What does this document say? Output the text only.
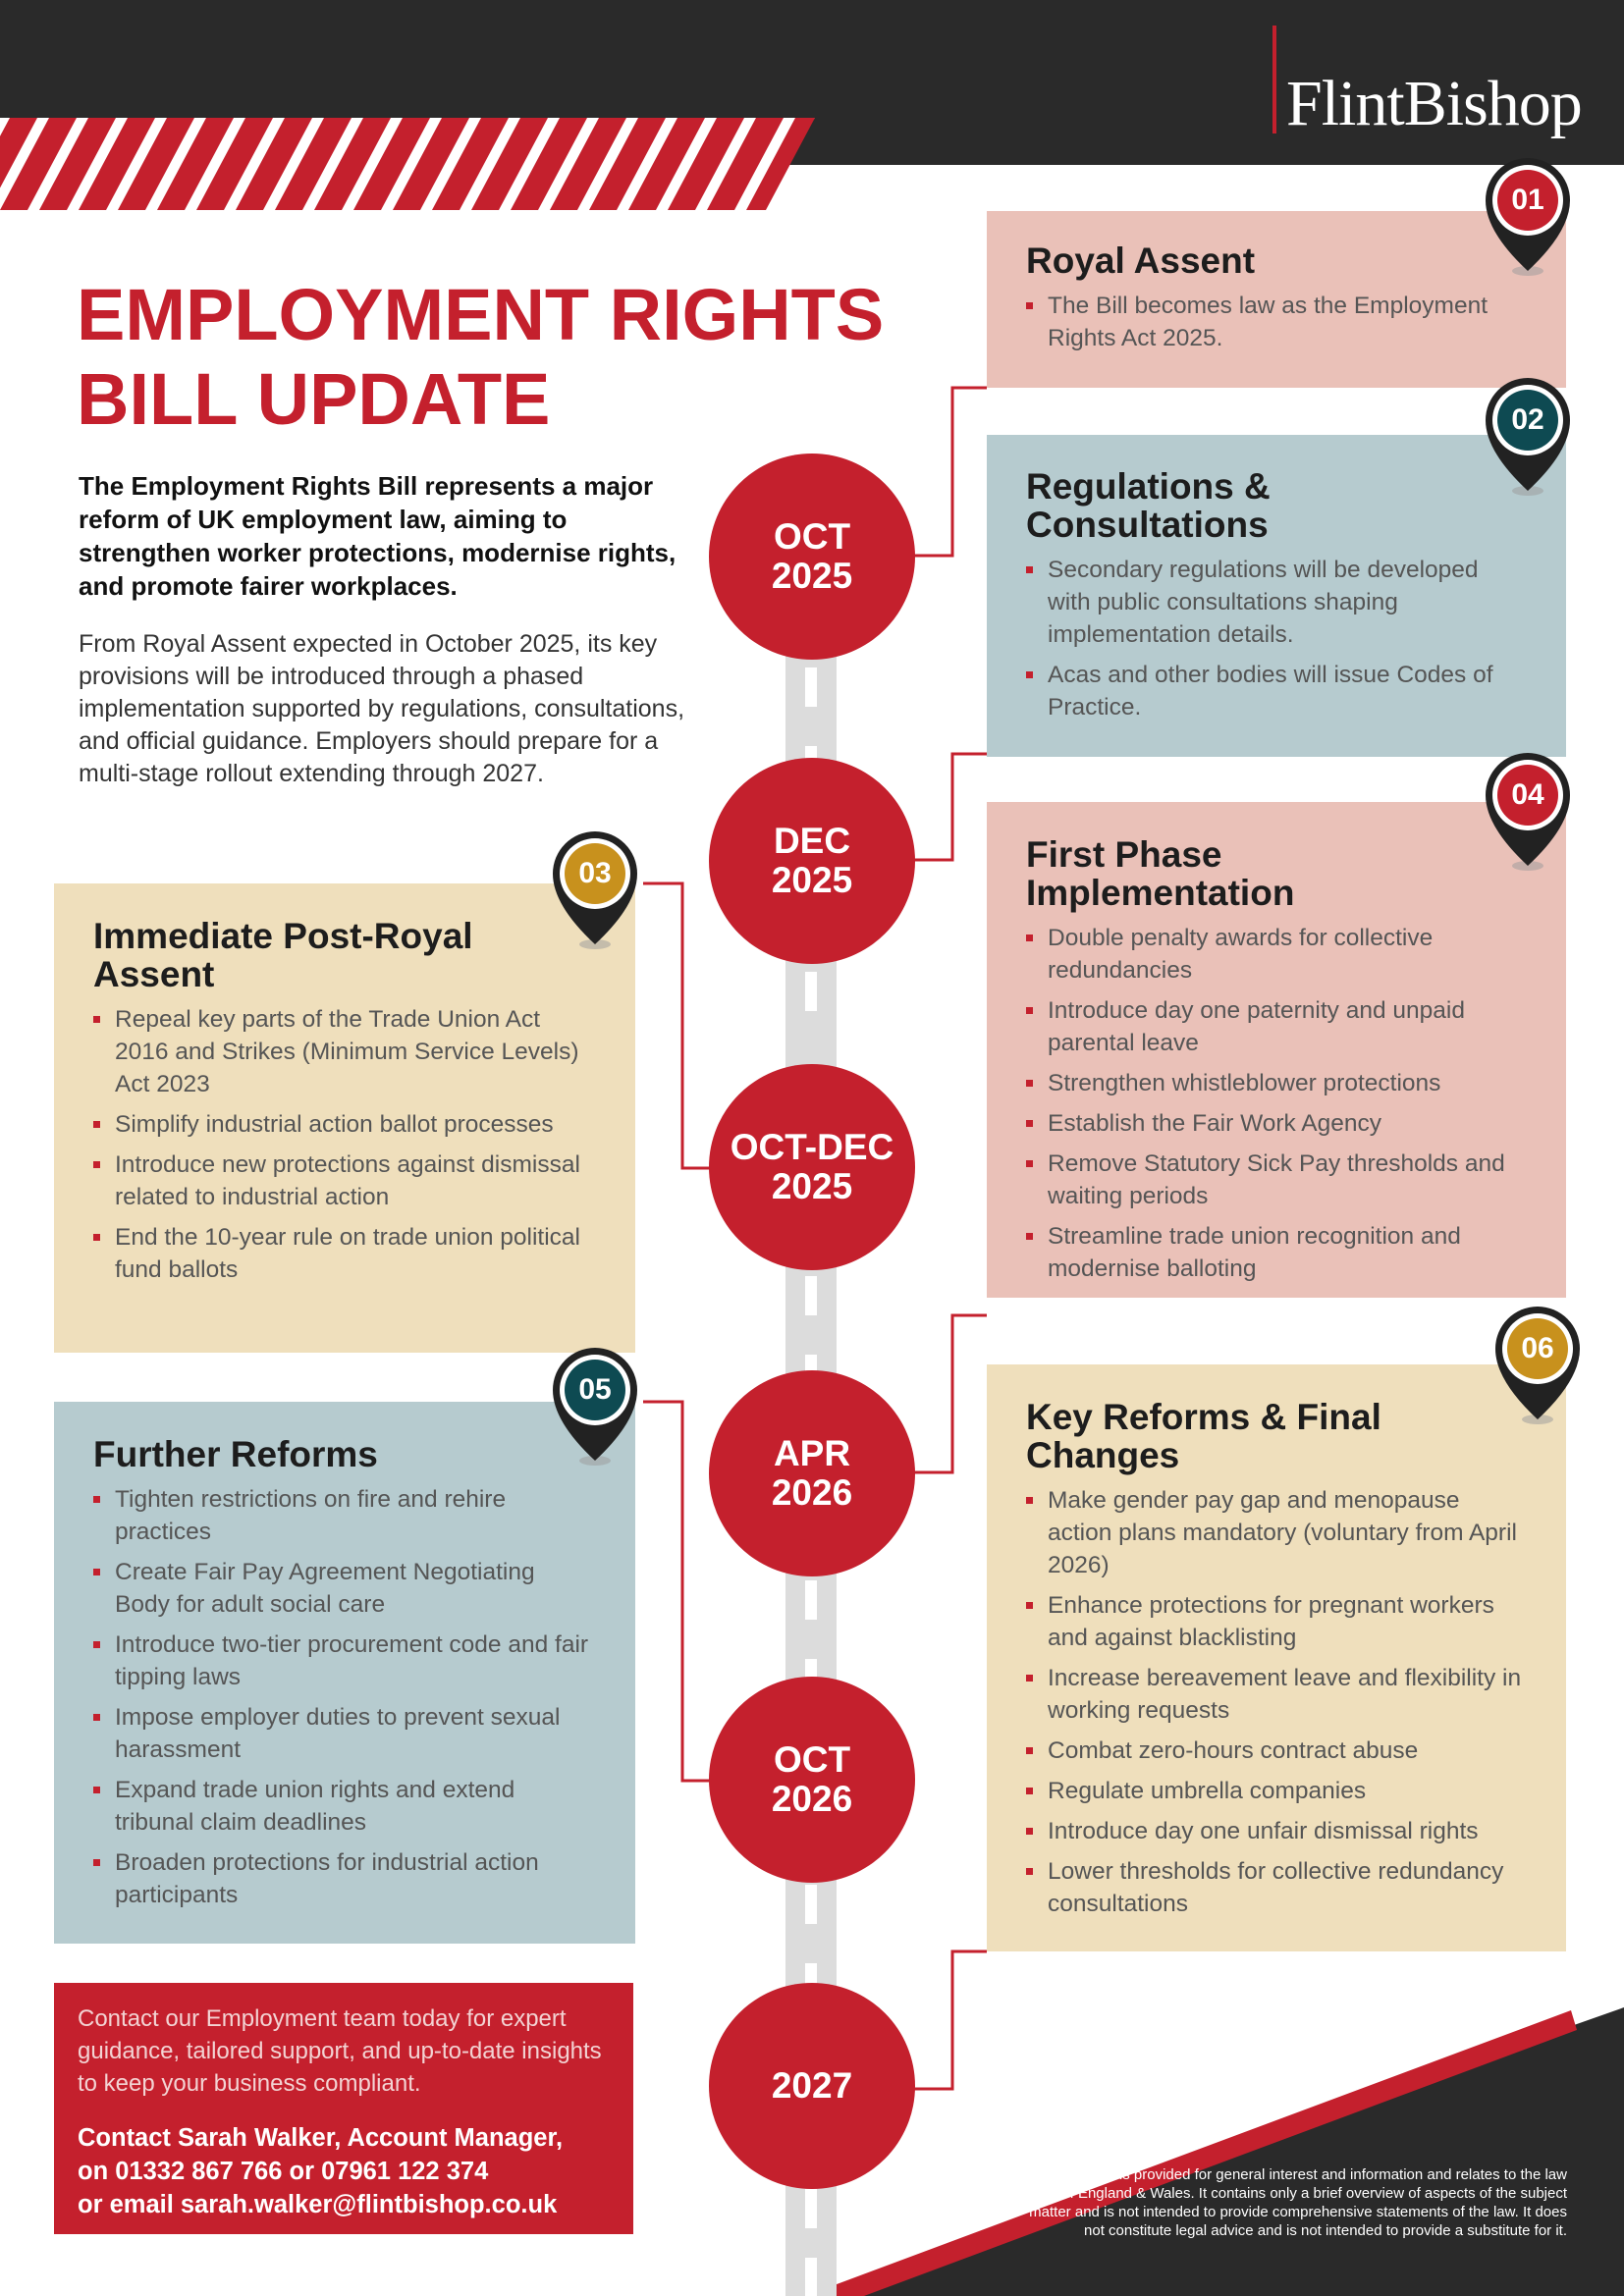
FlintBishop
EMPLOYMENT RIGHTS
BILL UPDATE

The Employment Rights Bill represents a major reform of UK employment law, aiming to strengthen worker protections, modernise rights, and promote fairer workplaces.

From Royal Assent expected in October 2025, its key provisions will be introduced through a phased implementation supported by regulations, consultations, and official guidance. Employers should prepare for a multi-stage rollout extending through 2027.

01
02
03
04
05
06
Royal Assent
The Bill becomes law as the Employment Rights Act 2025.
Regulations & Consultations
Secondary regulations will be developed with public consultations shaping implementation details.
Acas and other bodies will issue Codes of Practice.
Immediate Post-Royal Assent
Repeal key parts of the Trade Union Act 2016 and Strikes (Minimum Service Levels) Act 2023
Simplify industrial action ballot processes
Introduce new protections against dismissal related to industrial action
End the 10-year rule on trade union political fund ballots
First Phase Implementation
Double penalty awards for collective redundancies
Introduce day one paternity and unpaid parental leave
Strengthen whistleblower protections
Establish the Fair Work Agency
Remove Statutory Sick Pay thresholds and waiting periods
Streamline trade union recognition and modernise balloting
Further Reforms
Tighten restrictions on fire and rehire practices
Create Fair Pay Agreement Negotiating Body for adult social care
Introduce two-tier procurement code and fair tipping laws
Impose employer duties to prevent sexual harassment
Expand trade union rights and extend tribunal claim deadlines
Broaden protections for industrial action participants
Key Reforms & Final Changes
Make gender pay gap and menopause action plans mandatory (voluntary from April 2026)
Enhance protections for pregnant workers and against blacklisting
Increase bereavement leave and flexibility in working requests
Combat zero-hours contract abuse
Regulate umbrella companies
Introduce day one unfair dismissal rights
Lower thresholds for collective redundancy consultations
OCT
2025
DEC
2025
OCT-DEC
2025
APR
2026
OCT
2026
2027

Contact our Employment team today for expert guidance, tailored support, and up-to-date insights to keep your business compliant.

Contact Sarah Walker, Account Manager,
on 01332 867 766 or 07961 122 374
or email sarah.walker@flintbishop.co.uk

This content is provided for general interest and information and relates to the law of England & Wales. It contains only a brief overview of aspects of the subject matter and is not intended to provide comprehensive statements of the law. It does not constitute legal advice and is not intended to provide a substitute for it.
